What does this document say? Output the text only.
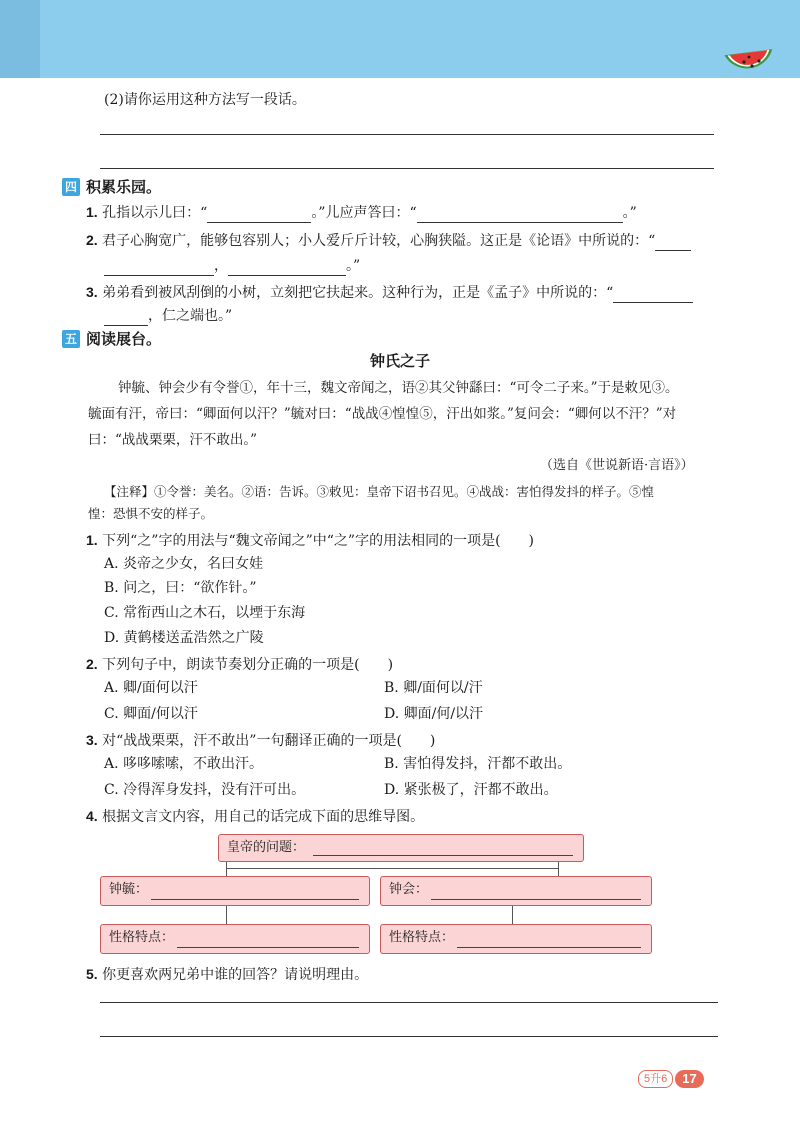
(2)请你运用这种方法写一段话。
四 积累乐园。
1. 孔指以示儿曰：“	。”儿应声答曰：“	。”
2. 君子心胸宽广，能够包容别人；小人爱斤斤计较，心胸狭隘。这正是《论语》中所说的：“
，	。”
3. 弟弟看到被风刮倒的小树，立刻把它扶起来。这种行为，正是《孟子》中所说的：“
，仁之端也。”
五 阅读展台。
钟氏之子
钟毓、钟会少有令誉①，年十三，魏文帝闻之，语②其父钟繇曰：“可令二子来。”于是敕见③。
毓面有汗，帝曰：“卿面何以汗？”毓对曰：“战战④惶惶⑤，汗出如浆。”复问会：“卿何以不汗？”对
曰：“战战栗栗，汗不敢出。”
（选自《世说新语·言语》）
【注释】①令誉：美名。②语：告诉。③敕见：皇帝下诏书召见。④战战：害怕得发抖的样子。⑤惶
惶：恐惧不安的样子。
1. 下列“之”字的用法与“魏文帝闻之”中“之”字的用法相同的一项是(　　)
A. 炎帝之少女，名曰女娃
B. 问之，曰：“欲作针。”
C. 常衔西山之木石，以堙于东海
D. 黄鹤楼送孟浩然之广陵
2. 下列句子中，朗读节奏划分正确的一项是(　　)
A. 卿/面何以汗	B. 卿/面何以/汗
C. 卿面/何以汗	D. 卿面/何/以汗
3. 对“战战栗栗，汗不敢出”一句翻译正确的一项是(　　)
A. 哆哆嗦嗦，不敢出汗。	B. 害怕得发抖，汗都不敢出。
C. 冷得浑身发抖，没有汗可出。	D. 紧张极了，汗都不敢出。
4. 根据文言文内容，用自己的话完成下面的思维导图。
皇帝的问题：
钟毓：	钟会：
性格特点：	性格特点：
5. 你更喜欢两兄弟中谁的回答？请说明理由。
5升6	17
